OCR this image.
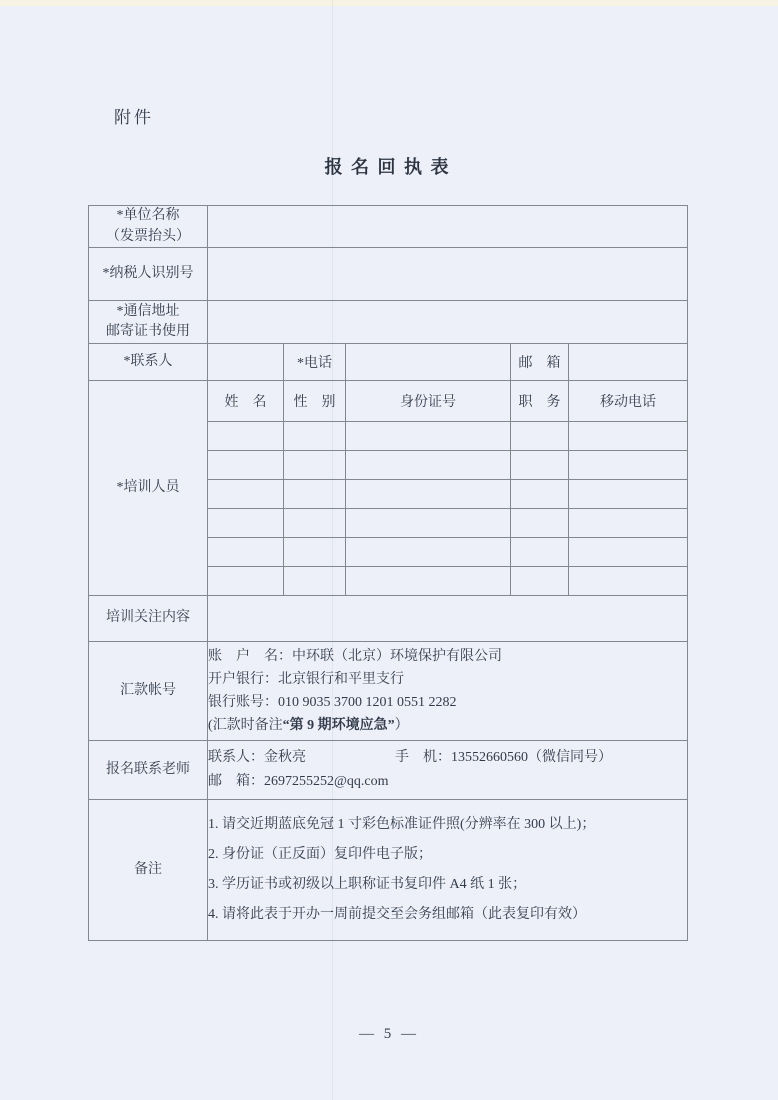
附件
报 名 回 执 表
*单位名称
（发票抬头）					

*纳税人识别号					

*通信地址
邮寄证书使用					

*联系人		*电话		邮　箱	
*培训人员	姓　名	性　别	身份证号	职　务	移动电话

培训关注内容					
汇款帐号	账　户　名：中环联（北京）环境保护有限公司
开户银行：北京银行和平里支行
银行账号：010 9035 3700 1201 0551 2282
(汇款时备注“第 9 期环境应急”）				

报名联系老师	联系人：金秋亮 手　机：13552660560（微信同号）
邮　箱：2697255252@qq.com				

备注	1. 请交近期蓝底免冠 1 寸彩色标准证件照(分辨率在 300 以上)；
2. 身份证（正反面）复印件电子版；
3. 学历证书或初级以上职称证书复印件 A4 纸 1 张；
4. 请将此表于开办一周前提交至会务组邮箱（此表复印有效）				
— 5 —
